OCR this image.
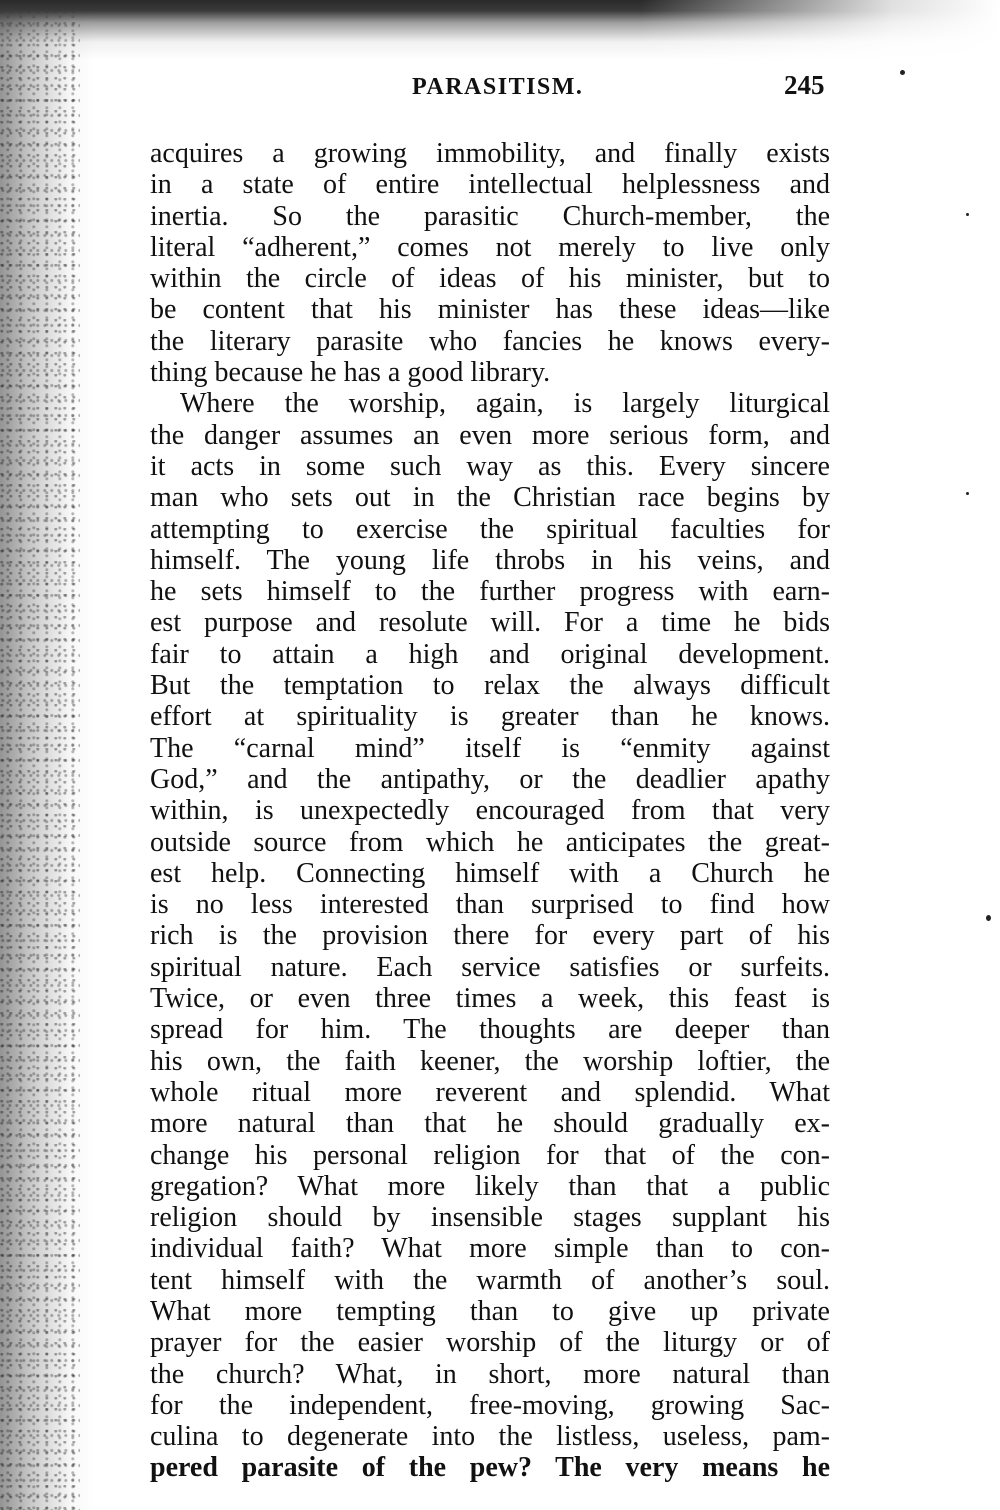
PARASITISM.	245
acquires a growing immobility, and finally exists
in a state of entire intellectual helplessness and
inertia. So the parasitic Church-member, the
literal “adherent,” comes not merely to live only
within the circle of ideas of his minister, but to
be content that his minister has these ideas—like
the literary parasite who fancies he knows every-
thing because he has a good library.
Where the worship, again, is largely liturgical
the danger assumes an even more serious form, and
it acts in some such way as this. Every sincere
man who sets out in the Christian race begins by
attempting to exercise the spiritual faculties for
himself. The young life throbs in his veins, and
he sets himself to the further progress with earn-
est purpose and resolute will. For a time he bids
fair to attain a high and original development.
But the temptation to relax the always difficult
effort at spirituality is greater than he knows.
The “carnal mind” itself is “enmity against
God,” and the antipathy, or the deadlier apathy
within, is unexpectedly encouraged from that very
outside source from which he anticipates the great-
est help. Connecting himself with a Church he
is no less interested than surprised to find how
rich is the provision there for every part of his
spiritual nature. Each service satisfies or surfeits.
Twice, or even three times a week, this feast is
spread for him. The thoughts are deeper than
his own, the faith keener, the worship loftier, the
whole ritual more reverent and splendid. What
more natural than that he should gradually ex-
change his personal religion for that of the con-
gregation? What more likely than that a public
religion should by insensible stages supplant his
individual faith? What more simple than to con-
tent himself with the warmth of another’s soul.
What more tempting than to give up private
prayer for the easier worship of the liturgy or of
the church? What, in short, more natural than
for the independent, free-moving, growing Sac-
culina to degenerate into the listless, useless, pam-
pered parasite of the pew? The very means he
